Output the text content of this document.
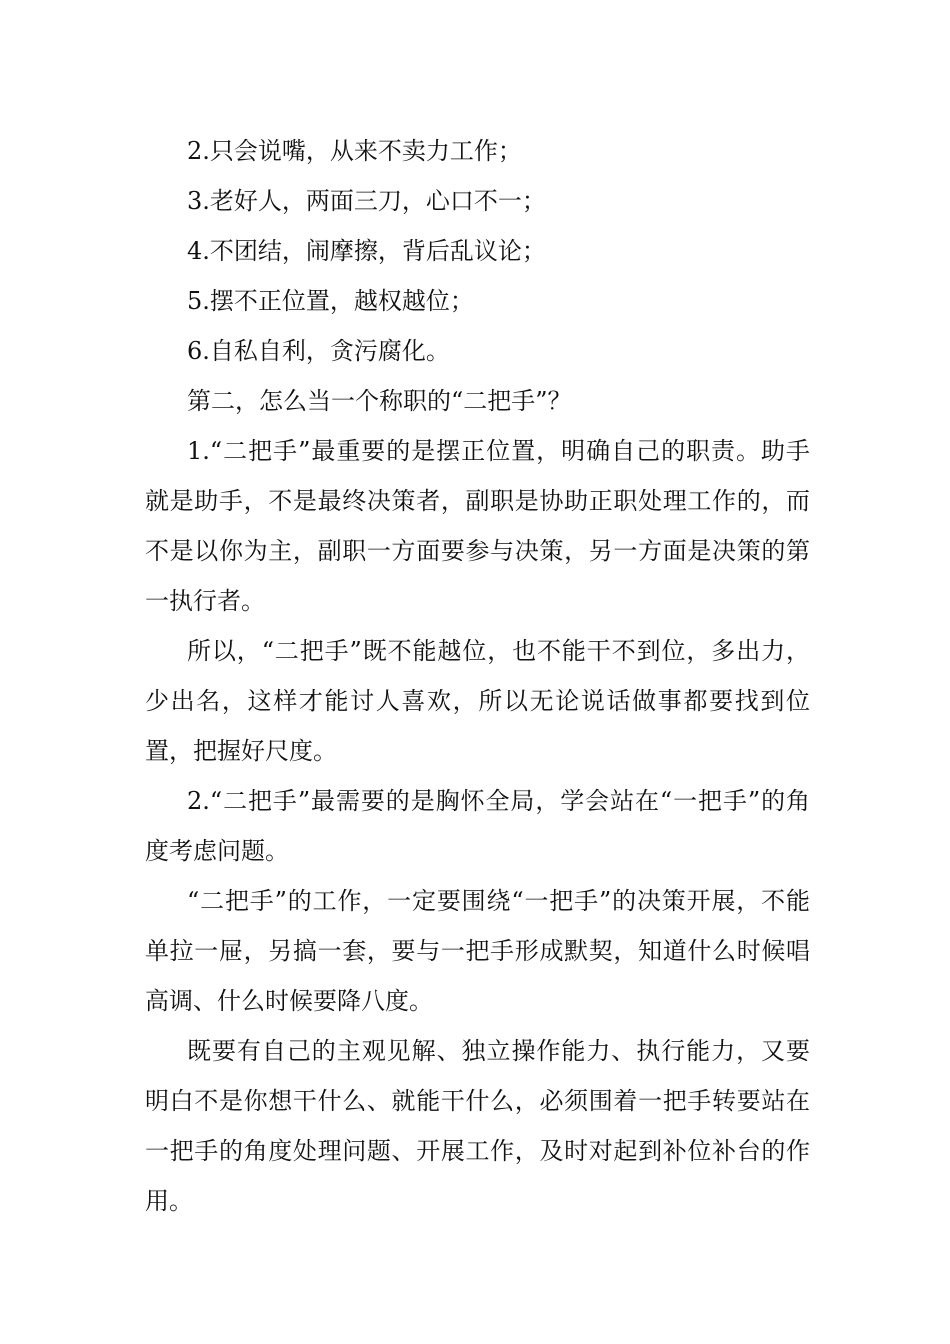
2.只会说嘴，从来不卖力工作；

3.老好人，两面三刀，心口不一；

4.不团结，闹摩擦，背后乱议论；

5.摆不正位置，越权越位；

6.自私自利，贪污腐化。

第二，怎么当一个称职的“二把手”？

1.“二把手”最重要的是摆正位置，明确自己的职责。助手就是助手，不是最终决策者，副职是协助正职处理工作的，而不是以你为主，副职一方面要参与决策，另一方面是决策的第一执行者。

所以，“二把手”既不能越位，也不能干不到位，多出力，少出名，这样才能讨人喜欢，所以无论说话做事都要找到位置，把握好尺度。

2.“二把手”最需要的是胸怀全局，学会站在“一把手”的角度考虑问题。

“二把手”的工作，一定要围绕“一把手”的决策开展，不能单拉一屉，另搞一套，要与一把手形成默契，知道什么时候唱高调、什么时候要降八度。

既要有自己的主观见解、独立操作能力、执行能力，又要明白不是你想干什么、就能干什么，必须围着一把手转要站在一把手的角度处理问题、开展工作，及时对起到补位补台的作用。
